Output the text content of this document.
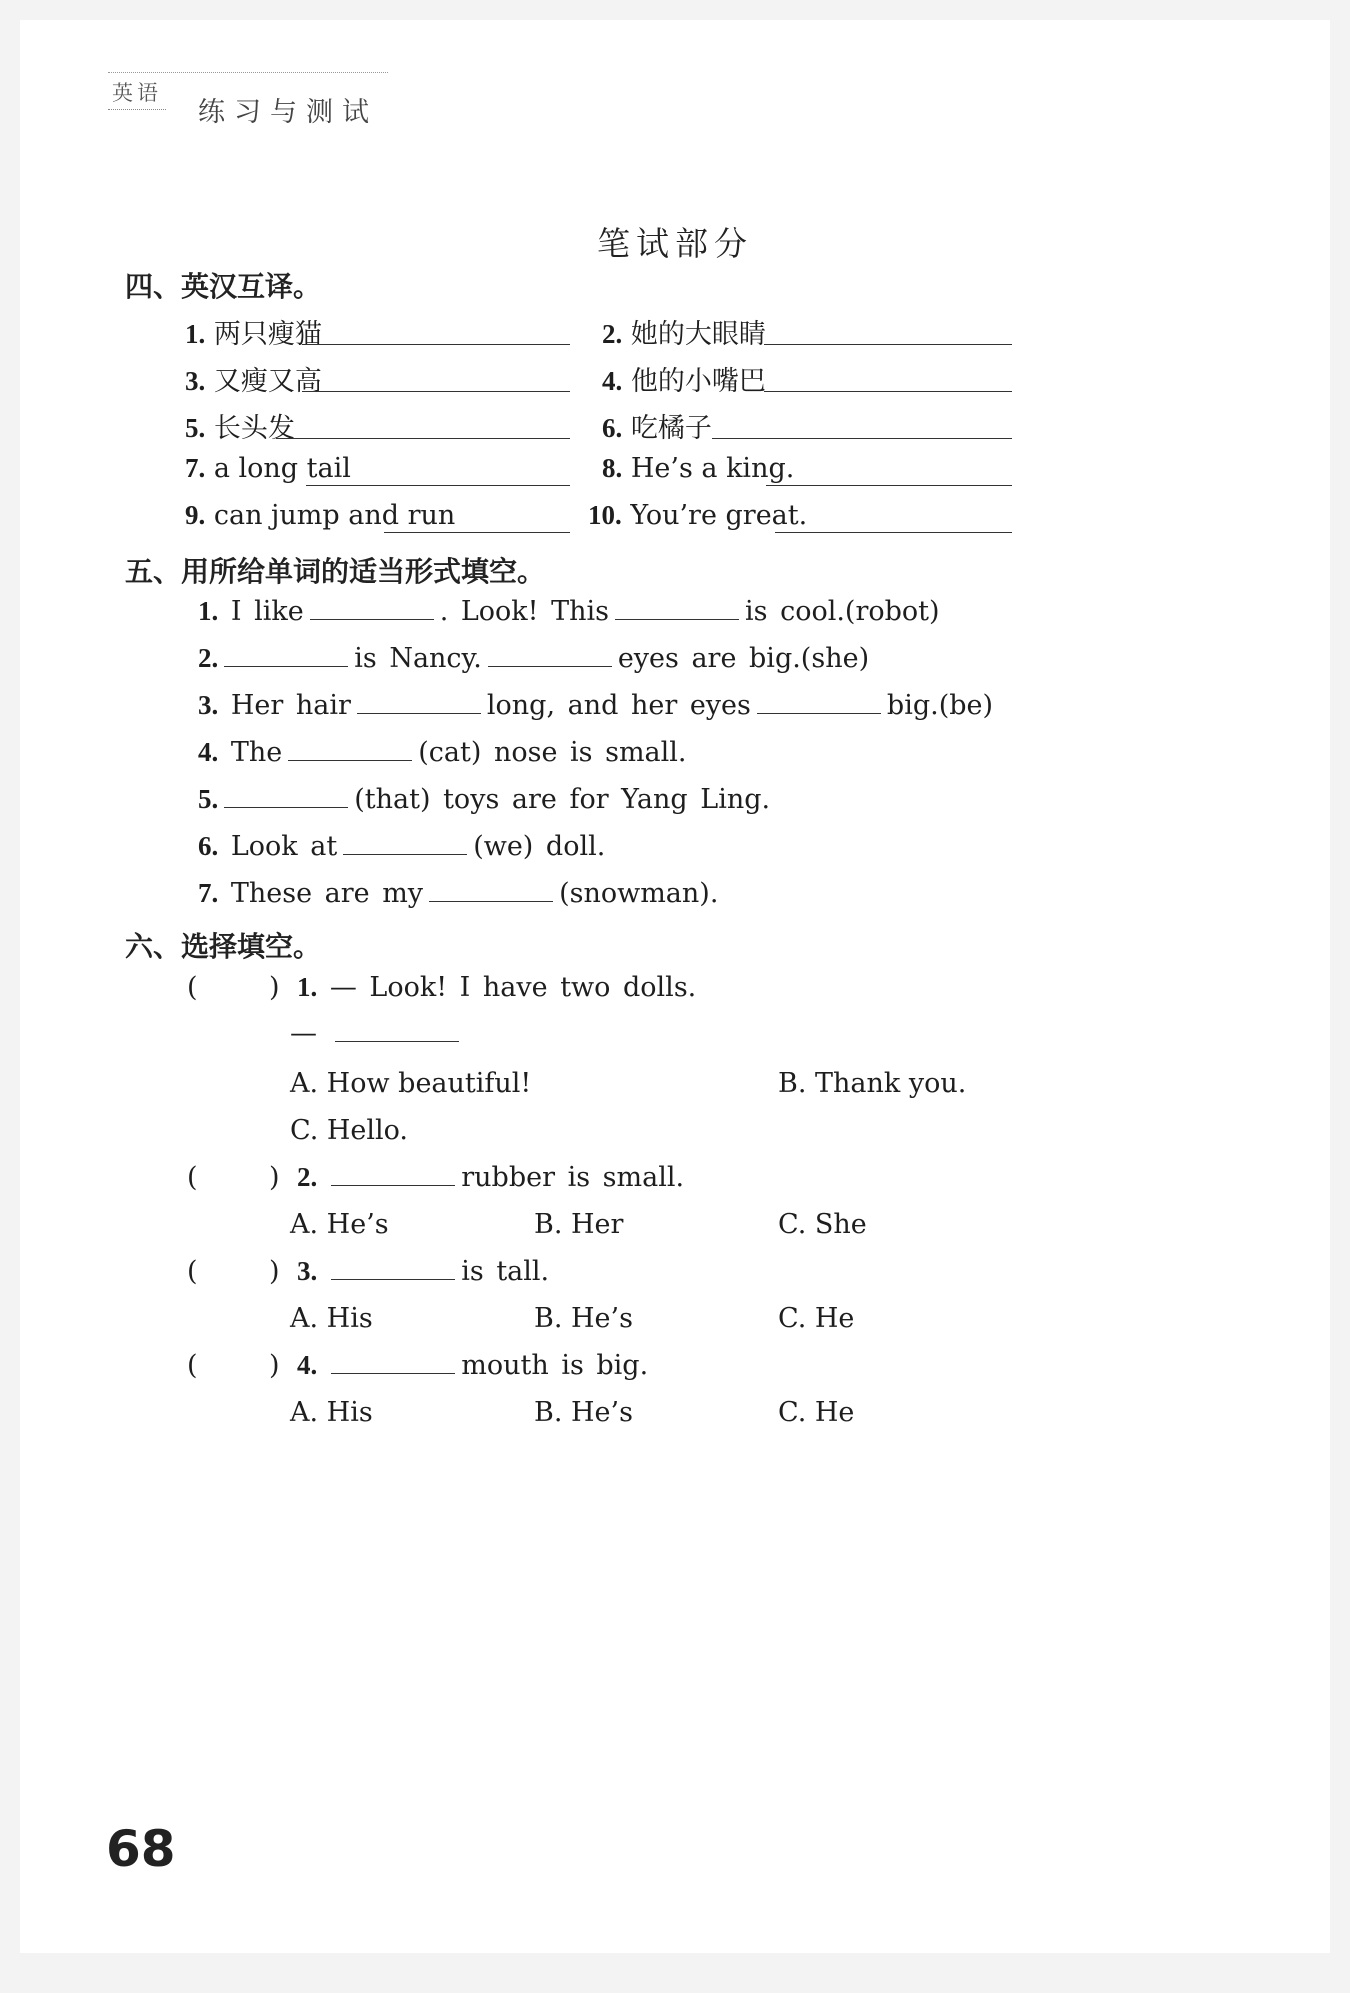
英语
练习与测试
笔试部分
四、英汉互译。
1. 两只瘦猫	2. 她的大眼睛
3. 又瘦又高	4. 他的小嘴巴
5. 长头发	6. 吃橘子
7. a long tail	8. He’s a king.
9. can jump and run	10. You’re great.
五、用所给单词的适当形式填空。
1. I like	. Look! This	is cool.(robot)
2.	is Nancy.	eyes are big.(she)
3. Her hair	long, and her eyes	big.(be)
4. The	(cat) nose is small.
5.	(that) toys are for Yang Ling.
6. Look at	(we) doll.
7. These are my	(snowman).
六、选择填空。
(	) 1. — Look! I have two dolls.
—
A. How beautiful!	B. Thank you.
C. Hello.
(	) 2.	rubber is small.
A. He’s	B. Her	C. She
(	) 3.	is tall.
A. His	B. He’s	C. He
(	) 4.	mouth is big.
A. His	B. He’s	C. He
68
